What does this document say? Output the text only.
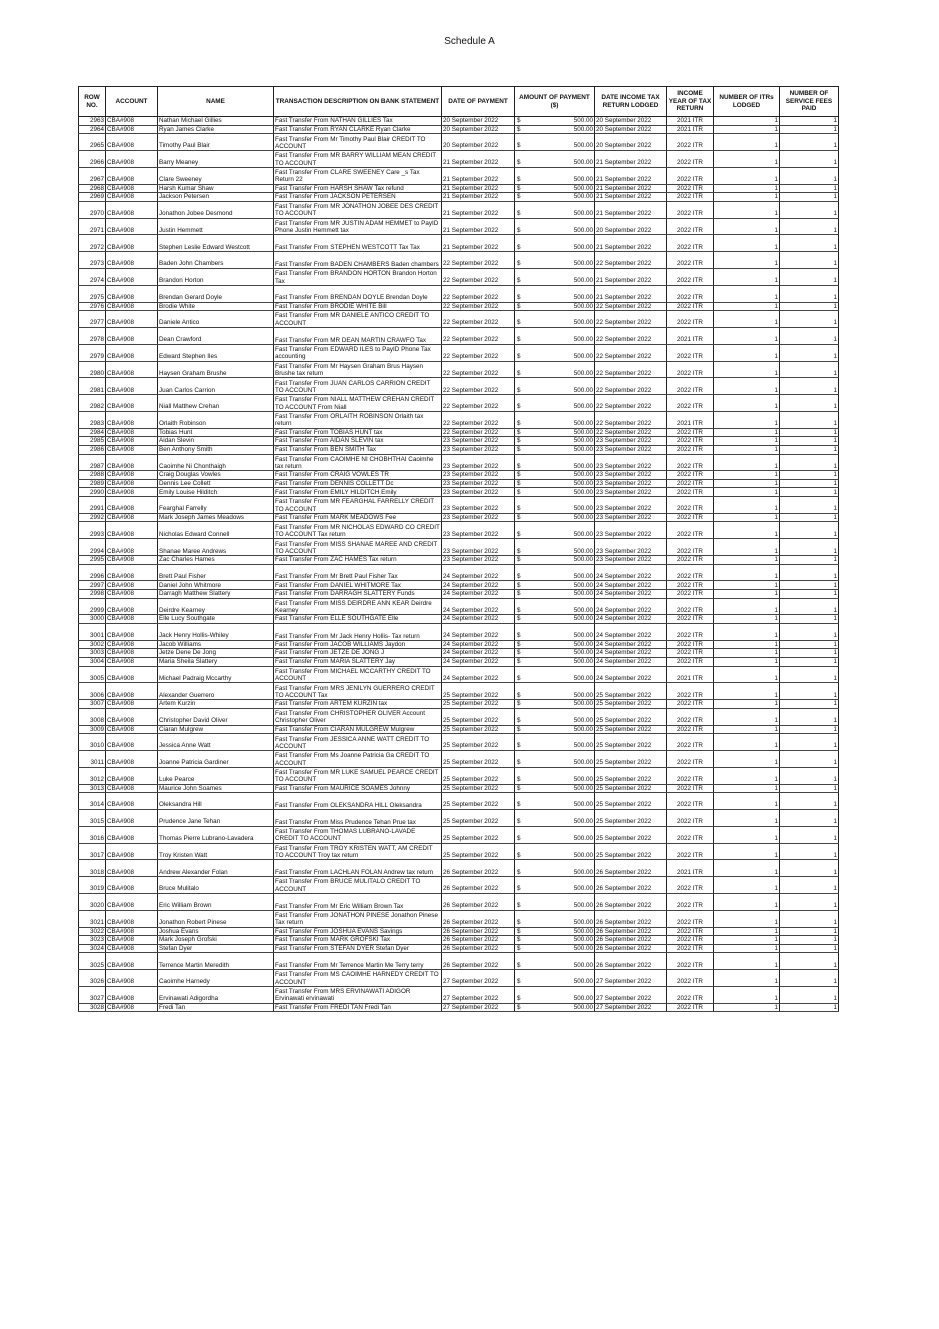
Schedule A
ROW NO.	ACCOUNT	NAME	TRANSACTION DESCRIPTION ON BANK STATEMENT	DATE OF PAYMENT	AMOUNT OF PAYMENT ($)	DATE INCOME TAX RETURN LODGED	INCOME YEAR OF TAX RETURN	NUMBER OF ITRs LODGED	NUMBER OF SERVICE FEES PAID
2963	CBA#908	Nathan Michael Gillies	Fast Transfer From NATHAN GILLIES Tax	20 September 2022	$ 500.00	20 September 2022	2021 ITR	1	1
2964	CBA#908	Ryan James Clarke	Fast Transfer From RYAN CLARKE Ryan Clarke	20 September 2022	$ 500.00	20 September 2022	2021 ITR	1	1
2965	CBA#908	Timothy Paul Blair	Fast Transfer From Mr Timothy Paul Blair CREDIT TO ACCOUNT	20 September 2022	$ 500.00	20 September 2022	2022 ITR	1	1
2966	CBA#908	Barry Meaney	Fast Transfer From MR BARRY WILLIAM MEAN CREDIT TO ACCOUNT	21 September 2022	$ 500.00	21 September 2022	2022 ITR	1	1
2967	CBA#908	Clare Sweeney	Fast Transfer From CLARE SWEENEY Care _s Tax Return 22	21 September 2022	$ 500.00	21 September 2022	2022 ITR	1	1
2968	CBA#908	Harsh Kumar Shaw	Fast Transfer From HARSH SHAW Tax refund	21 September 2022	$ 500.00	21 September 2022	2022 ITR	1	1
2969	CBA#908	Jackson Petersen	Fast Transfer From JACKSON PETERSEN	21 September 2022	$ 500.00	21 September 2022	2022 ITR	1	1
2970	CBA#908	Jonathon Jobee Desmond	Fast Transfer From MR JONATHON JOBEE DES CREDIT TO ACCOUNT	21 September 2022	$ 500.00	21 September 2022	2022 ITR	1	1
2971	CBA#908	Justin Hemmett	Fast Transfer From MR JUSTIN ADAM HEMMET to PayID Phone Justin Hemmett tax	21 September 2022	$ 500.00	20 September 2022	2022 ITR	1	1
2972	CBA#908	Stephen Leslie Edward Westcott	Fast Transfer From STEPHEN WESTCOTT Tax Tax	21 September 2022	$ 500.00	21 September 2022	2022 ITR	1	1
2973	CBA#908	Baden John Chambers	Fast Transfer From BADEN CHAMBERS Baden chambers	22 September 2022	$ 500.00	22 September 2022	2022 ITR	1	1
2974	CBA#908	Brandon Horton	Fast Transfer From BRANDON HORTON Brandon Horton Tax	22 September 2022	$ 500.00	21 September 2022	2022 ITR	1	1
2975	CBA#908	Brendan Gerard Doyle	Fast Transfer From BRENDAN DOYLE Brendan Doyle	22 September 2022	$ 500.00	21 September 2022	2022 ITR	1	1
2976	CBA#908	Brodie White	Fast Transfer From BRODIE WHITE Bill	22 September 2022	$ 500.00	22 September 2022	2022 ITR	1	1
2977	CBA#908	Daniele Antico	Fast Transfer From MR DANIELE ANTICO CREDIT TO ACCOUNT	22 September 2022	$ 500.00	22 September 2022	2022 ITR	1	1
2978	CBA#908	Dean Crawford	Fast Transfer From MR DEAN MARTIN CRAWFO Tax	22 September 2022	$ 500.00	22 September 2022	2021 ITR	1	1
2979	CBA#908	Edward Stephen Iles	Fast Transfer From EDWARD ILES to PayID Phone Tax accounting	22 September 2022	$ 500.00	22 September 2022	2022 ITR	1	1
2980	CBA#908	Haysen Graham Brushe	Fast Transfer From Mr Haysen Graham Brus Haysen Brushe tax return	22 September 2022	$ 500.00	22 September 2022	2022 ITR	1	1
2981	CBA#908	Juan Carlos Carrion	Fast Transfer From JUAN CARLOS CARRION CREDIT TO ACCOUNT	22 September 2022	$ 500.00	22 September 2022	2022 ITR	1	1
2982	CBA#908	Niall Matthew Crehan	Fast Transfer From NIALL MATTHEW CREHAN CREDIT TO ACCOUNT From Niall	22 September 2022	$ 500.00	22 September 2022	2022 ITR	1	1
2983	CBA#908	Orlaith Robinson	Fast Transfer From ORLAITH ROBINSON Orlaith tax return	22 September 2022	$ 500.00	22 September 2022	2021 ITR	1	1
2984	CBA#908	Tobias Hunt	Fast Transfer From TOBIAS HUNT tax	22 September 2022	$ 500.00	22 September 2022	2022 ITR	1	1
2985	CBA#908	Aidan Slevin	Fast Transfer From AIDAN SLEVIN tax	23 September 2022	$ 500.00	23 September 2022	2022 ITR	1	1
2986	CBA#908	Ben Anthony Smith	Fast Transfer From BEN SMITH Tax	23 September 2022	$ 500.00	23 September 2022	2022 ITR	1	1
2987	CBA#908	Caoimhe Ni Chonthaigh	Fast Transfer From CAOIMHE NI CHOBHTHAI Caoimhe tax return	23 September 2022	$ 500.00	23 September 2022	2022 ITR	1	1
2988	CBA#908	Craig Douglas Vowles	Fast Transfer From CRAIG VOWLES TR	23 September 2022	$ 500.00	23 September 2022	2022 ITR	1	1
2989	CBA#908	Dennis Lee Collett	Fast Transfer From DENNIS COLLETT Dc	23 September 2022	$ 500.00	23 September 2022	2022 ITR	1	1
2990	CBA#908	Emily Louise Hilditch	Fast Transfer From EMILY HILDITCH Emily	23 September 2022	$ 500.00	23 September 2022	2022 ITR	1	1
2991	CBA#908	Fearghal Farrelly	Fast Transfer From MR FEARGHAL FARRELLY CREDIT TO ACCOUNT	23 September 2022	$ 500.00	23 September 2022	2022 ITR	1	1
2992	CBA#908	Mark Joseph James Meadows	Fast Transfer From MARK MEADOWS Fee	23 September 2022	$ 500.00	23 September 2022	2022 ITR	1	1
2993	CBA#908	Nicholas Edward Connell	Fast Transfer From MR NICHOLAS EDWARD CO CREDIT TO ACCOUNT Tax return	23 September 2022	$ 500.00	23 September 2022	2022 ITR	1	1
2994	CBA#908	Shanae Maree Andrews	Fast Transfer From MISS SHANAE MAREE AND CREDIT TO ACCOUNT	23 September 2022	$ 500.00	23 September 2022	2022 ITR	1	1
2995	CBA#908	Zac Charles Hames	Fast Transfer From ZAC HAMES Tax return	23 September 2022	$ 500.00	23 September 2022	2022 ITR	1	1
2996	CBA#908	Brett Paul Fisher	Fast Transfer From Mr Brett Paul Fisher Tax	24 September 2022	$ 500.00	24 September 2022	2022 ITR	1	1
2997	CBA#908	Daniel John Whitmore	Fast Transfer From DANIEL WHITMORE Tax	24 September 2022	$ 500.00	24 September 2022	2022 ITR	1	1
2998	CBA#908	Darragh Matthew Slattery	Fast Transfer From DARRAGH SLATTERY Funds	24 September 2022	$ 500.00	24 September 2022	2022 ITR	1	1
2999	CBA#908	Deirdre Kearney	Fast Transfer From MISS DEIRDRE ANN KEAR Deirdre Kearney	24 September 2022	$ 500.00	24 September 2022	2022 ITR	1	1
3000	CBA#908	Elle Lucy Southgate	Fast Transfer From ELLE SOUTHGATE Elle	24 September 2022	$ 500.00	24 September 2022	2022 ITR	1	1
3001	CBA#908	Jack Henry Hollis-Whiley	Fast Transfer From Mr Jack Henry Hollis- Tax return	24 September 2022	$ 500.00	24 September 2022	2022 ITR	1	1
3002	CBA#908	Jacob Williams	Fast Transfer From JACOB WILLIAMS Jaydon	24 September 2022	$ 500.00	24 September 2022	2022 ITR	1	1
3003	CBA#908	Jetze Dene De Jong	Fast Transfer From JETZE DE JONG J	24 September 2022	$ 500.00	24 September 2022	2022 ITR	1	1
3004	CBA#908	Maria Sheila Slattery	Fast Transfer From MARIA SLATTERY Jay	24 September 2022	$ 500.00	24 September 2022	2022 ITR	1	1
3005	CBA#908	Michael Padraig Mccarthy	Fast Transfer From MICHAEL MCCARTHY CREDIT TO ACCOUNT	24 September 2022	$ 500.00	24 September 2022	2021 ITR	1	1
3006	CBA#908	Alexander Guerrero	Fast Transfer From MRS JENILYN GUERRERO CREDIT TO ACCOUNT Tax	25 September 2022	$ 500.00	25 September 2022	2022 ITR	1	1
3007	CBA#908	Artem Kurzin	Fast Transfer From ARTEM KURZIN tax	25 September 2022	$ 500.00	25 September 2022	2022 ITR	1	1
3008	CBA#908	Christopher David Oliver	Fast Transfer From CHRISTOPHER OLIVER Account Christopher Oliver	25 September 2022	$ 500.00	25 September 2022	2022 ITR	1	1
3009	CBA#908	Ciaran Mulgrew	Fast Transfer From CIARAN MULGREW Mulgrew	25 September 2022	$ 500.00	25 September 2022	2022 ITR	1	1
3010	CBA#908	Jessica Anne Watt	Fast Transfer From JESSICA ANNE WATT CREDIT TO ACCOUNT	25 September 2022	$ 500.00	25 September 2022	2022 ITR	1	1
3011	CBA#908	Joanne Patricia Gardiner	Fast Transfer From Ms Joanne Patricia Ga CREDIT TO ACCOUNT	25 September 2022	$ 500.00	25 September 2022	2022 ITR	1	1
3012	CBA#908	Luke Pearce	Fast Transfer From MR LUKE SAMUEL PEARCE CREDIT TO ACCOUNT	25 September 2022	$ 500.00	25 September 2022	2022 ITR	1	1
3013	CBA#908	Maurice John Soames	Fast Transfer From MAURICE SOAMES Johnny	25 September 2022	$ 500.00	25 September 2022	2022 ITR	1	1
3014	CBA#908	Oleksandra Hill	Fast Transfer From OLEKSANDRA HILL Oleksandra	25 September 2022	$ 500.00	25 September 2022	2022 ITR	1	1
3015	CBA#908	Prudence Jane Tehan	Fast Transfer From Miss Prudence Tehan Prue tax	25 September 2022	$ 500.00	25 September 2022	2022 ITR	1	1
3016	CBA#908	Thomas Pierre Lubrano-Lavadera	Fast Transfer From THOMAS LUBRANO-LAVADE CREDIT TO ACCOUNT	25 September 2022	$ 500.00	25 September 2022	2022 ITR	1	1
3017	CBA#908	Troy Kristen Watt	Fast Transfer From TROY KRISTEN WATT, AM CREDIT TO ACCOUNT Troy tax return	25 September 2022	$ 500.00	25 September 2022	2022 ITR	1	1
3018	CBA#908	Andrew Alexander Folan	Fast Transfer From LACHLAN FOLAN Andrew tax return	26 September 2022	$ 500.00	26 September 2022	2021 ITR	1	1
3019	CBA#908	Bruce Mulitalo	Fast Transfer From BRUCE MULITALO CREDIT TO ACCOUNT	26 September 2022	$ 500.00	26 September 2022	2022 ITR	1	1
3020	CBA#908	Eric William Brown	Fast Transfer From Mr Eric William Brown Tax	26 September 2022	$ 500.00	26 September 2022	2022 ITR	1	1
3021	CBA#908	Jonathon Robert Pinese	Fast Transfer From JONATHON PINESE Jonathon Pinese Tax return	26 September 2022	$ 500.00	26 September 2022	2022 ITR	1	1
3022	CBA#908	Joshua Evans	Fast Transfer From JOSHUA EVANS Savings	26 September 2022	$ 500.00	26 September 2022	2022 ITR	1	1
3023	CBA#908	Mark Joseph Grofski	Fast Transfer From MARK GROFSKI Tax	26 September 2022	$ 500.00	26 September 2022	2022 ITR	1	1
3024	CBA#908	Stefan Dyer	Fast Transfer From STEFAN DYER Stefan Dyer	26 September 2022	$ 500.00	26 September 2022	2022 ITR	1	1
3025	CBA#908	Terrence Martin Meredith	Fast Transfer From Mr Terrence Martin Me Terry terry	26 September 2022	$ 500.00	26 September 2022	2022 ITR	1	1
3026	CBA#908	Caoimhe Harnedy	Fast Transfer From MS CAOIMHE HARNEDY CREDIT TO ACCOUNT	27 September 2022	$ 500.00	27 September 2022	2022 ITR	1	1
3027	CBA#908	Ervinawati Adigordha	Fast Transfer From MRS ERVINAWATI ADIGOR Ervinawati ervinawati	27 September 2022	$ 500.00	27 September 2022	2022 ITR	1	1
3028	CBA#908	Fredi Tan	Fast Transfer From FREDI TAN Fredi Tan	27 September 2022	$ 500.00	27 September 2022	2022 ITR	1	1
